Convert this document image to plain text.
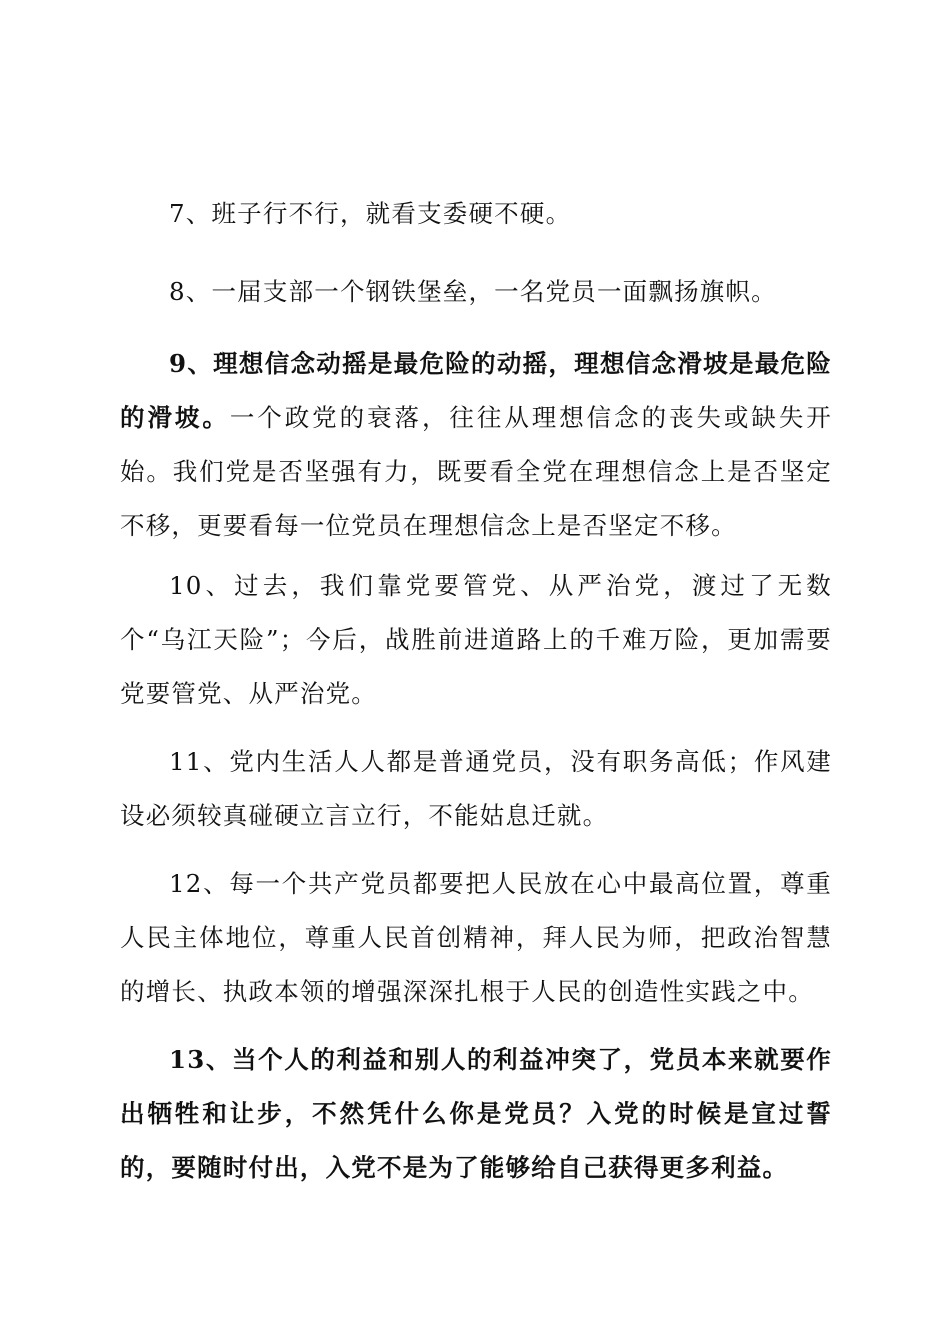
7、班子行不行，就看支委硬不硬。

8、一届支部一个钢铁堡垒，一名党员一面飘扬旗帜。

9、理想信念动摇是最危险的动摇，理想信念滑坡是最危险的滑坡。一个政党的衰落，往往从理想信念的丧失或缺失开始。我们党是否坚强有力，既要看全党在理想信念上是否坚定不移，更要看每一位党员在理想信念上是否坚定不移。

10、过去，我们靠党要管党、从严治党，渡过了无数个“乌江天险”；今后，战胜前进道路上的千难万险，更加需要党要管党、从严治党。

11、党内生活人人都是普通党员，没有职务高低；作风建设必须较真碰硬立言立行，不能姑息迁就。

12、每一个共产党员都要把人民放在心中最高位置，尊重人民主体地位，尊重人民首创精神，拜人民为师，把政治智慧的增长、执政本领的增强深深扎根于人民的创造性实践之中。

13、当个人的利益和别人的利益冲突了，党员本来就要作出牺牲和让步，不然凭什么你是党员？入党的时候是宣过誓的，要随时付出，入党不是为了能够给自己获得更多利益。
